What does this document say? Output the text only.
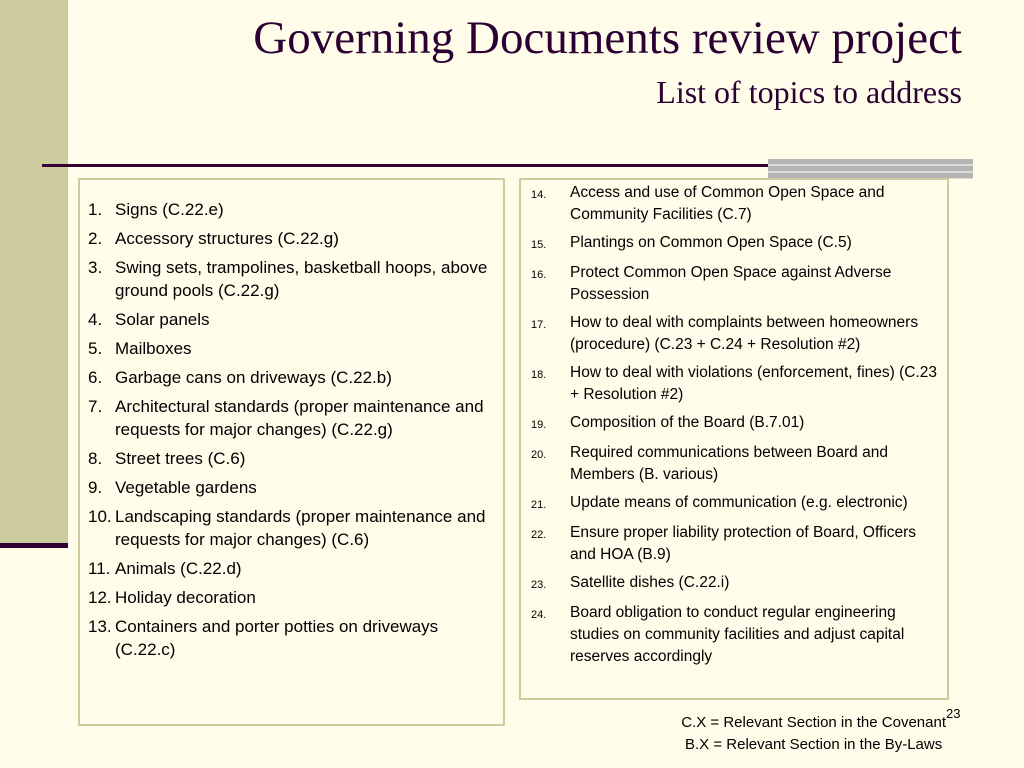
Governing Documents review project
List of topics to address
1. Signs (C.22.e)
2. Accessory structures (C.22.g)
3. Swing sets, trampolines, basketball hoops, above ground pools (C.22.g)
4. Solar panels
5. Mailboxes
6. Garbage cans on driveways (C.22.b)
7. Architectural standards (proper maintenance and requests for major changes) (C.22.g)
8. Street trees (C.6)
9. Vegetable gardens
10. Landscaping standards (proper maintenance and requests for major changes) (C.6)
11. Animals (C.22.d)
12. Holiday decoration
13. Containers and porter potties on driveways (C.22.c)
14.	Access and use of Common Open Space and Community Facilities (C.7)
15.	Plantings on Common Open Space (C.5)
16.	Protect Common Open Space against Adverse Possession
17.	How to deal with complaints between homeowners (procedure) (C.23 + C.24 + Resolution #2)
18.	How to deal with violations (enforcement, fines) (C.23 + Resolution #2)
19.	Composition of the Board (B.7.01)
20.	Required communications between Board and Members (B. various)
21.	Update means of communication (e.g. electronic)
22.	Ensure proper liability protection of Board, Officers and HOA (B.9)
23.	Satellite dishes (C.22.i)
24.	Board obligation to conduct regular engineering studies on community facilities and adjust capital reserves accordingly
C.X = Relevant Section in the Covenant
B.X = Relevant Section in the By-Laws
23
